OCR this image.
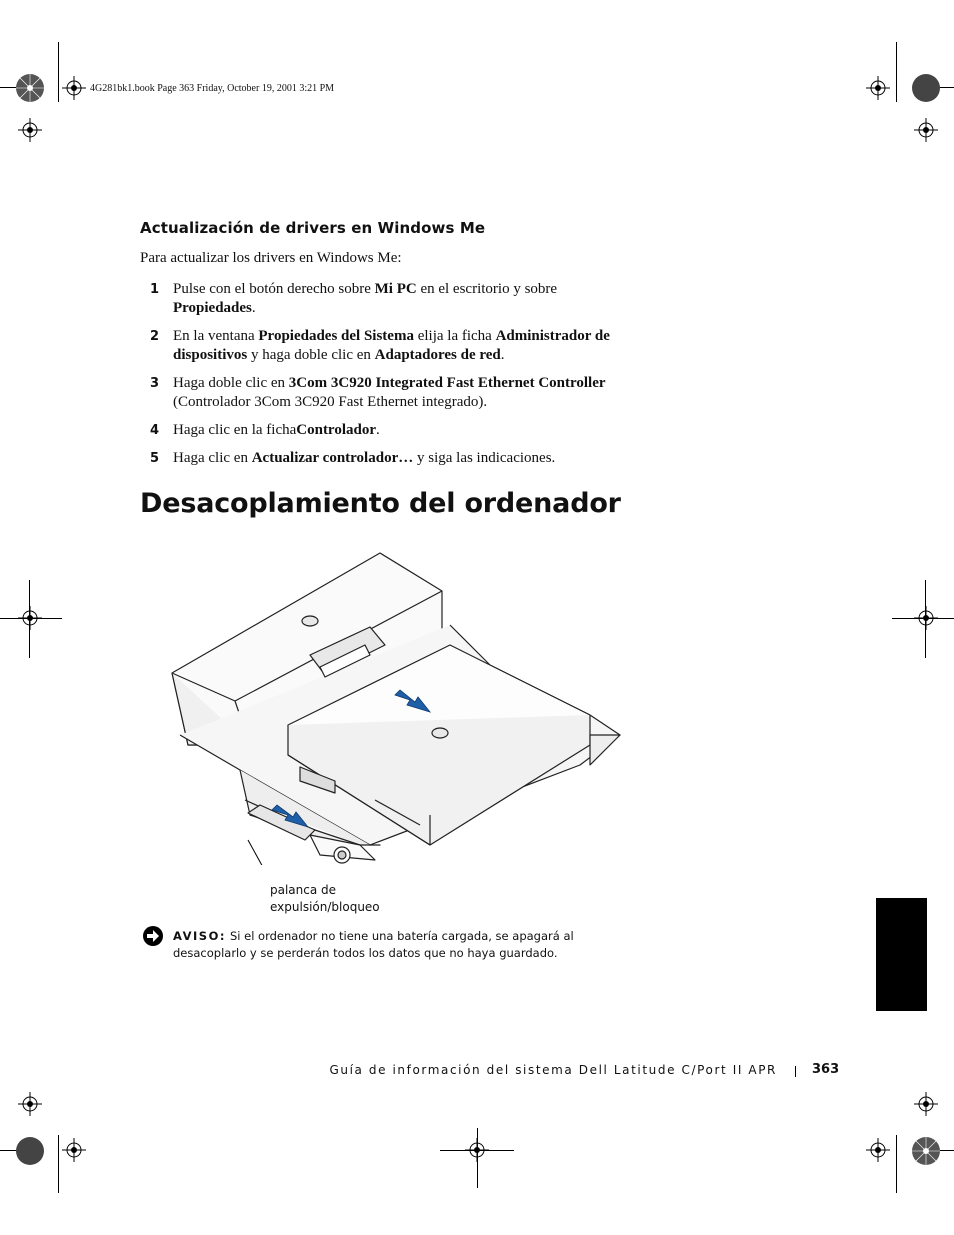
4G281bk1.book Page 363 Friday, October 19, 2001 3:21 PM
Actualización de drivers en Windows Me
Para actualizar los drivers en Windows Me:
1 Pulse con el botón derecho sobre Mi PC en el escritorio y sobre Propiedades.
2 En la ventana Propiedades del Sistema elija la ficha Administrador de dispositivos y haga doble clic en Adaptadores de red.
3 Haga doble clic en 3Com 3C920 Integrated Fast Ethernet Controller (Controlador 3Com 3C920 Fast Ethernet integrado).
4 Haga clic en la fichaControlador.
5 Haga clic en Actualizar controlador… y siga las indicaciones.
Desacoplamiento del ordenador
palanca de
expulsión/bloqueo
AVISO: Si el ordenador no tiene una batería cargada, se apagará al desacoplarlo y se perderán todos los datos que no haya guardado.
Guía de información del sistema Dell Latitude C/Port II APR	363
